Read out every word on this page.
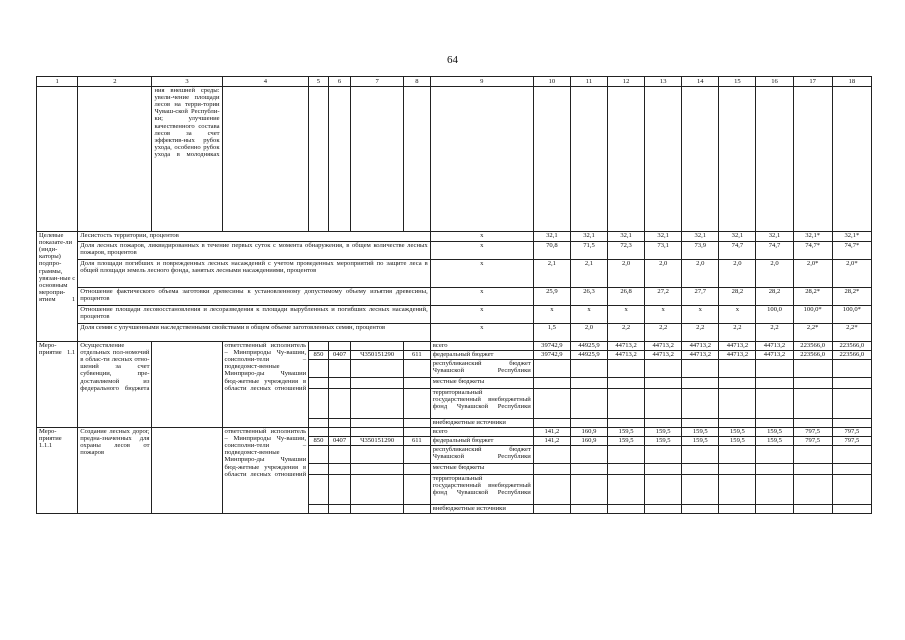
64
1	2	3	4	5	6	7	8	9	10	11	12	13	14	15	16	17	18
		ния внешней среды: увели-чение площади лесов на терри-тории Чуваш-ской Республи-ки; улучшение качественного состава лесов за счет эффектив-ных рубок ухода, особенно рубок ухода в молодняках															
Целевые показате-ли (инди-каторы) подпро-граммы, увязан-ные с основным меропри-ятием 1	Лесистость территории, процентов							x	32,1	32,1	32,1	32,1	32,1	32,1	32,1	32,1*	32,1*
	Доля лесных пожаров, ликвидированных в течение первых суток с момента обнаружения, в общем количестве лесных пожаров, процентов							x	70,8	71,5	72,3	73,1	73,9	74,7	74,7	74,7*	74,7*
	Доля площади погибших и поврежденных лесных насаждений с учетом проведенных мероприятий по защите леса в общей площади земель лесного фонда, занятых лесными насаждениями, процентов							x	2,1	2,1	2,0	2,0	2,0	2,0	2,0	2,0*	2,0*
	Отношение фактического объема заготовки древесины к установленному допустимому объему изъятия древесины, процентов							x	25,9	26,3	26,8	27,2	27,7	28,2	28,2	28,2*	28,2*
	Отношение площади лесовосстановления и лесоразведения к площади вырубленных и погибших лесных насаждений, процентов							x	x	x	x	x	x	x	100,0	100,0*	100,0*
	Доля семян с улучшенными наследственными свойствами в общем объеме заготовленных семян, процентов							x	1,5	2,0	2,2	2,2	2,2	2,2	2,2	2,2*	2,2*
Меро-приятие 1.1	Осуществление отдельных пол-номочий в облас-ти лесных отно-шений за счет субвенции, пре-доставляемой из федерального бюджета		ответственный исполнитель – Минприроды Чу-вашии, соисполни-тели – подведомст-венные Минприро-ды Чувашии бюд-жетные учреждения в области лесных отношений					всего	39742,9	44925,9	44713,2	44713,2	44713,2	44713,2	44713,2	223566,0	223566,0
				850	0407	Ч350151290	611	федеральный бюджет	39742,9	44925,9	44713,2	44713,2	44713,2	44713,2	44713,2	223566,0	223566,0
								республиканский бюджет Чувашской Республики									
								местные бюджеты									
								территориальный государственный внебюджетный фонд Чувашской Республики									
								внебюджетные источники									
Меро-приятие 1.1.1	Создание лесных дорог, предна-значенных для охраны лесов от пожаров		ответственный исполнитель – Минприроды Чу-вашии, соисполни-тели – подведомст-венные Минприро-ды Чувашии бюд-жетные учреждения в области лесных отношений					всего	141,2	160,9	159,5	159,5	159,5	159,5	159,5	797,5	797,5
				850	0407	Ч350151290	611	федеральный бюджет	141,2	160,9	159,5	159,5	159,5	159,5	159,5	797,5	797,5
								республиканский бюджет Чувашской Республики									
								местные бюджеты									
								территориальный государственный внебюджетный фонд Чувашской Республики									
								внебюджетные источники									
